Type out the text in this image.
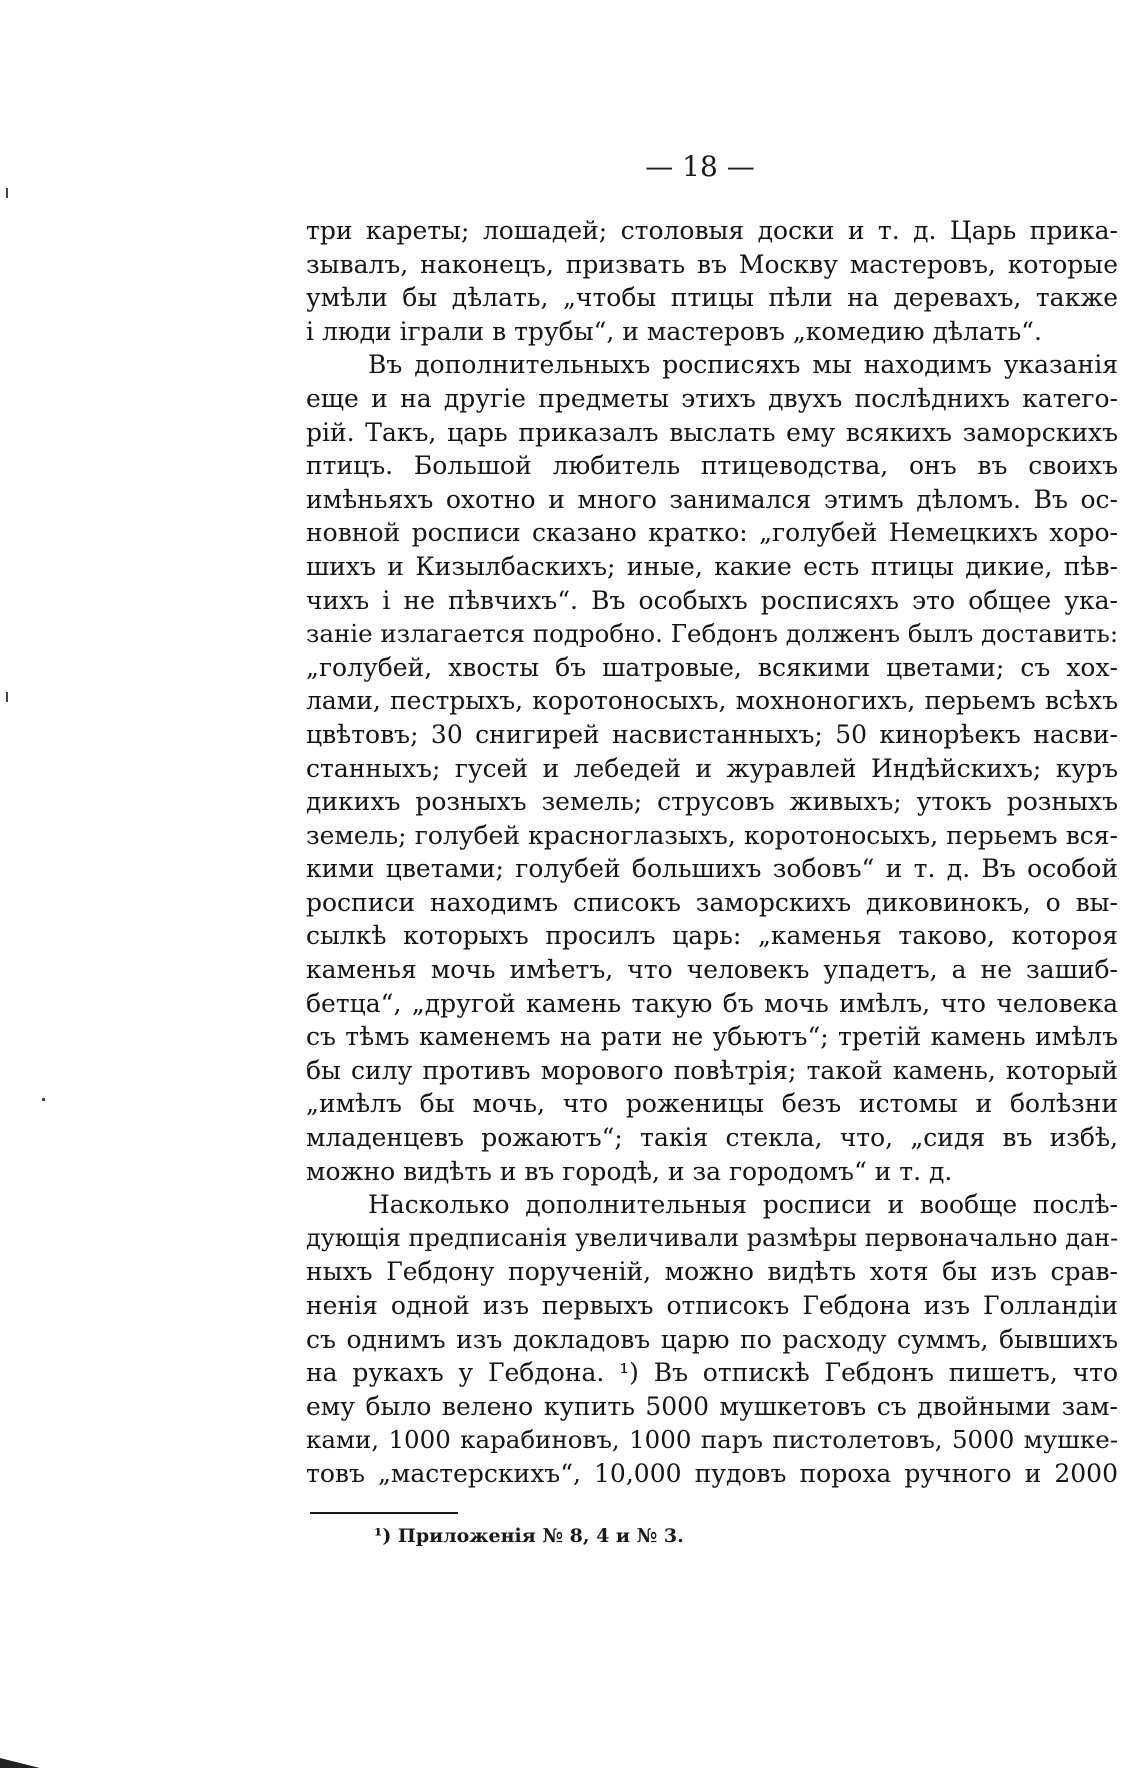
— 18 —
три кареты; лошадей; столовыя доски и т. д. Царь прика-
зывалъ, наконецъ, призвать въ Москву мастеровъ, которые
умѣли бы дѣлать, „чтобы птицы пѣли на деревахъ, также
і люди іграли в трубы“, и мастеровъ „комедию дѣлать“.
Въ дополнительныхъ росписяхъ мы находимъ указанія
еще и на другіе предметы этихъ двухъ послѣднихъ катего-
рій. Такъ, царь приказалъ выслать ему всякихъ заморскихъ
птицъ. Большой любитель птицеводства, онъ въ своихъ
имѣньяхъ охотно и много занимался этимъ дѣломъ. Въ ос-
новной росписи сказано кратко: „голубей Немецкихъ хоро-
шихъ и Кизылбаскихъ; иные, какие есть птицы дикие, пѣв-
чихъ і не пѣвчихъ“. Въ особыхъ росписяхъ это общее ука-
заніе излагается подробно. Гебдонъ долженъ былъ доставить:
„голубей, хвосты бъ шатровые, всякими цветами; съ хох-
лами, пестрыхъ, коротоносыхъ, мохноногихъ, перьемъ всѣхъ
цвѣтовъ; 30 снигирей насвистанныхъ; 50 кинорѣекъ насви-
станныхъ; гусей и лебедей и журавлей Индѣйскихъ; куръ
дикихъ розныхъ земель; струсовъ живыхъ; утокъ розныхъ
земель; голубей красноглазыхъ, коротоносыхъ, перьемъ вся-
кими цветами; голубей большихъ зобовъ“ и т. д. Въ особой
росписи находимъ списокъ заморскихъ диковинокъ, о вы-
сылкѣ которыхъ просилъ царь: „каменья таково, котороя
каменья мочь имѣетъ, что человекъ упадетъ, а не зашиб-
бетца“, „другой камень такую бъ мочь имѣлъ, что человека
съ тѣмъ каменемъ на рати не убьютъ“; третій камень имѣлъ
бы силу противъ морового повѣтрія; такой камень, который
„имѣлъ бы мочь, что роженицы безъ истомы и болѣзни
младенцевъ рожаютъ“; такія стекла, что, „сидя въ избѣ,
можно видѣть и въ городѣ, и за городомъ“ и т. д.
Насколько дополнительныя росписи и вообще послѣ-
дующія предписанія увеличивали размѣры первоначально дан-
ныхъ Гебдону порученій, можно видѣть хотя бы изъ срав-
ненія одной изъ первыхъ отписокъ Гебдона изъ Голландіи
съ однимъ изъ докладовъ царю по расходу суммъ, бывшихъ
на рукахъ у Гебдона. ¹) Въ отпискѣ Гебдонъ пишетъ, что
ему было велено купить 5000 мушкетовъ съ двойными зам-
ками, 1000 карабиновъ, 1000 паръ пистолетовъ, 5000 мушке-
товъ „мастерскихъ“, 10,000 пудовъ пороха ручного и 2000
¹) Приложенія № 8, 4 и № 3.
